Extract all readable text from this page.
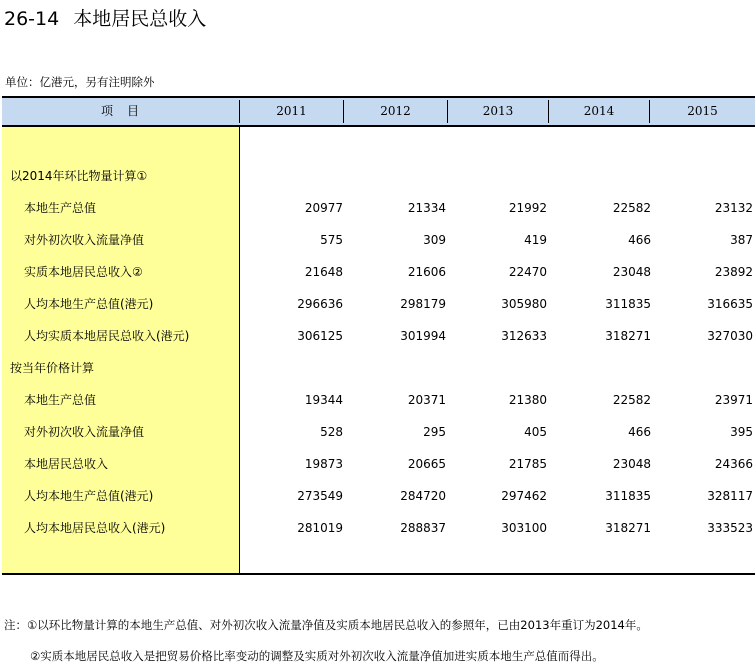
26-14 本地居民总收入
单位：亿港元，另有注明除外
项　目	2011	2012	2013	2014	2015
以2014年环比物量计算①
本地生产总值	20977	21334	21992	22582	23132
对外初次收入流量净值	575	309	419	466	387
实质本地居民总收入②	21648	21606	22470	23048	23892
人均本地生产总值(港元)	296636	298179	305980	311835	316635
人均实质本地居民总收入(港元)	306125	301994	312633	318271	327030
按当年价格计算
本地生产总值	19344	20371	21380	22582	23971
对外初次收入流量净值	528	295	405	466	395
本地居民总收入	19873	20665	21785	23048	24366
人均本地生产总值(港元)	273549	284720	297462	311835	328117
人均本地居民总收入(港元)	281019	288837	303100	318271	333523
注：①以环比物量计算的本地生产总值、对外初次收入流量净值及实质本地居民总收入的参照年，已由2013年重订为2014年。
②实质本地居民总收入是把贸易价格比率变动的调整及实质对外初次收入流量净值加进实质本地生产总值而得出。
